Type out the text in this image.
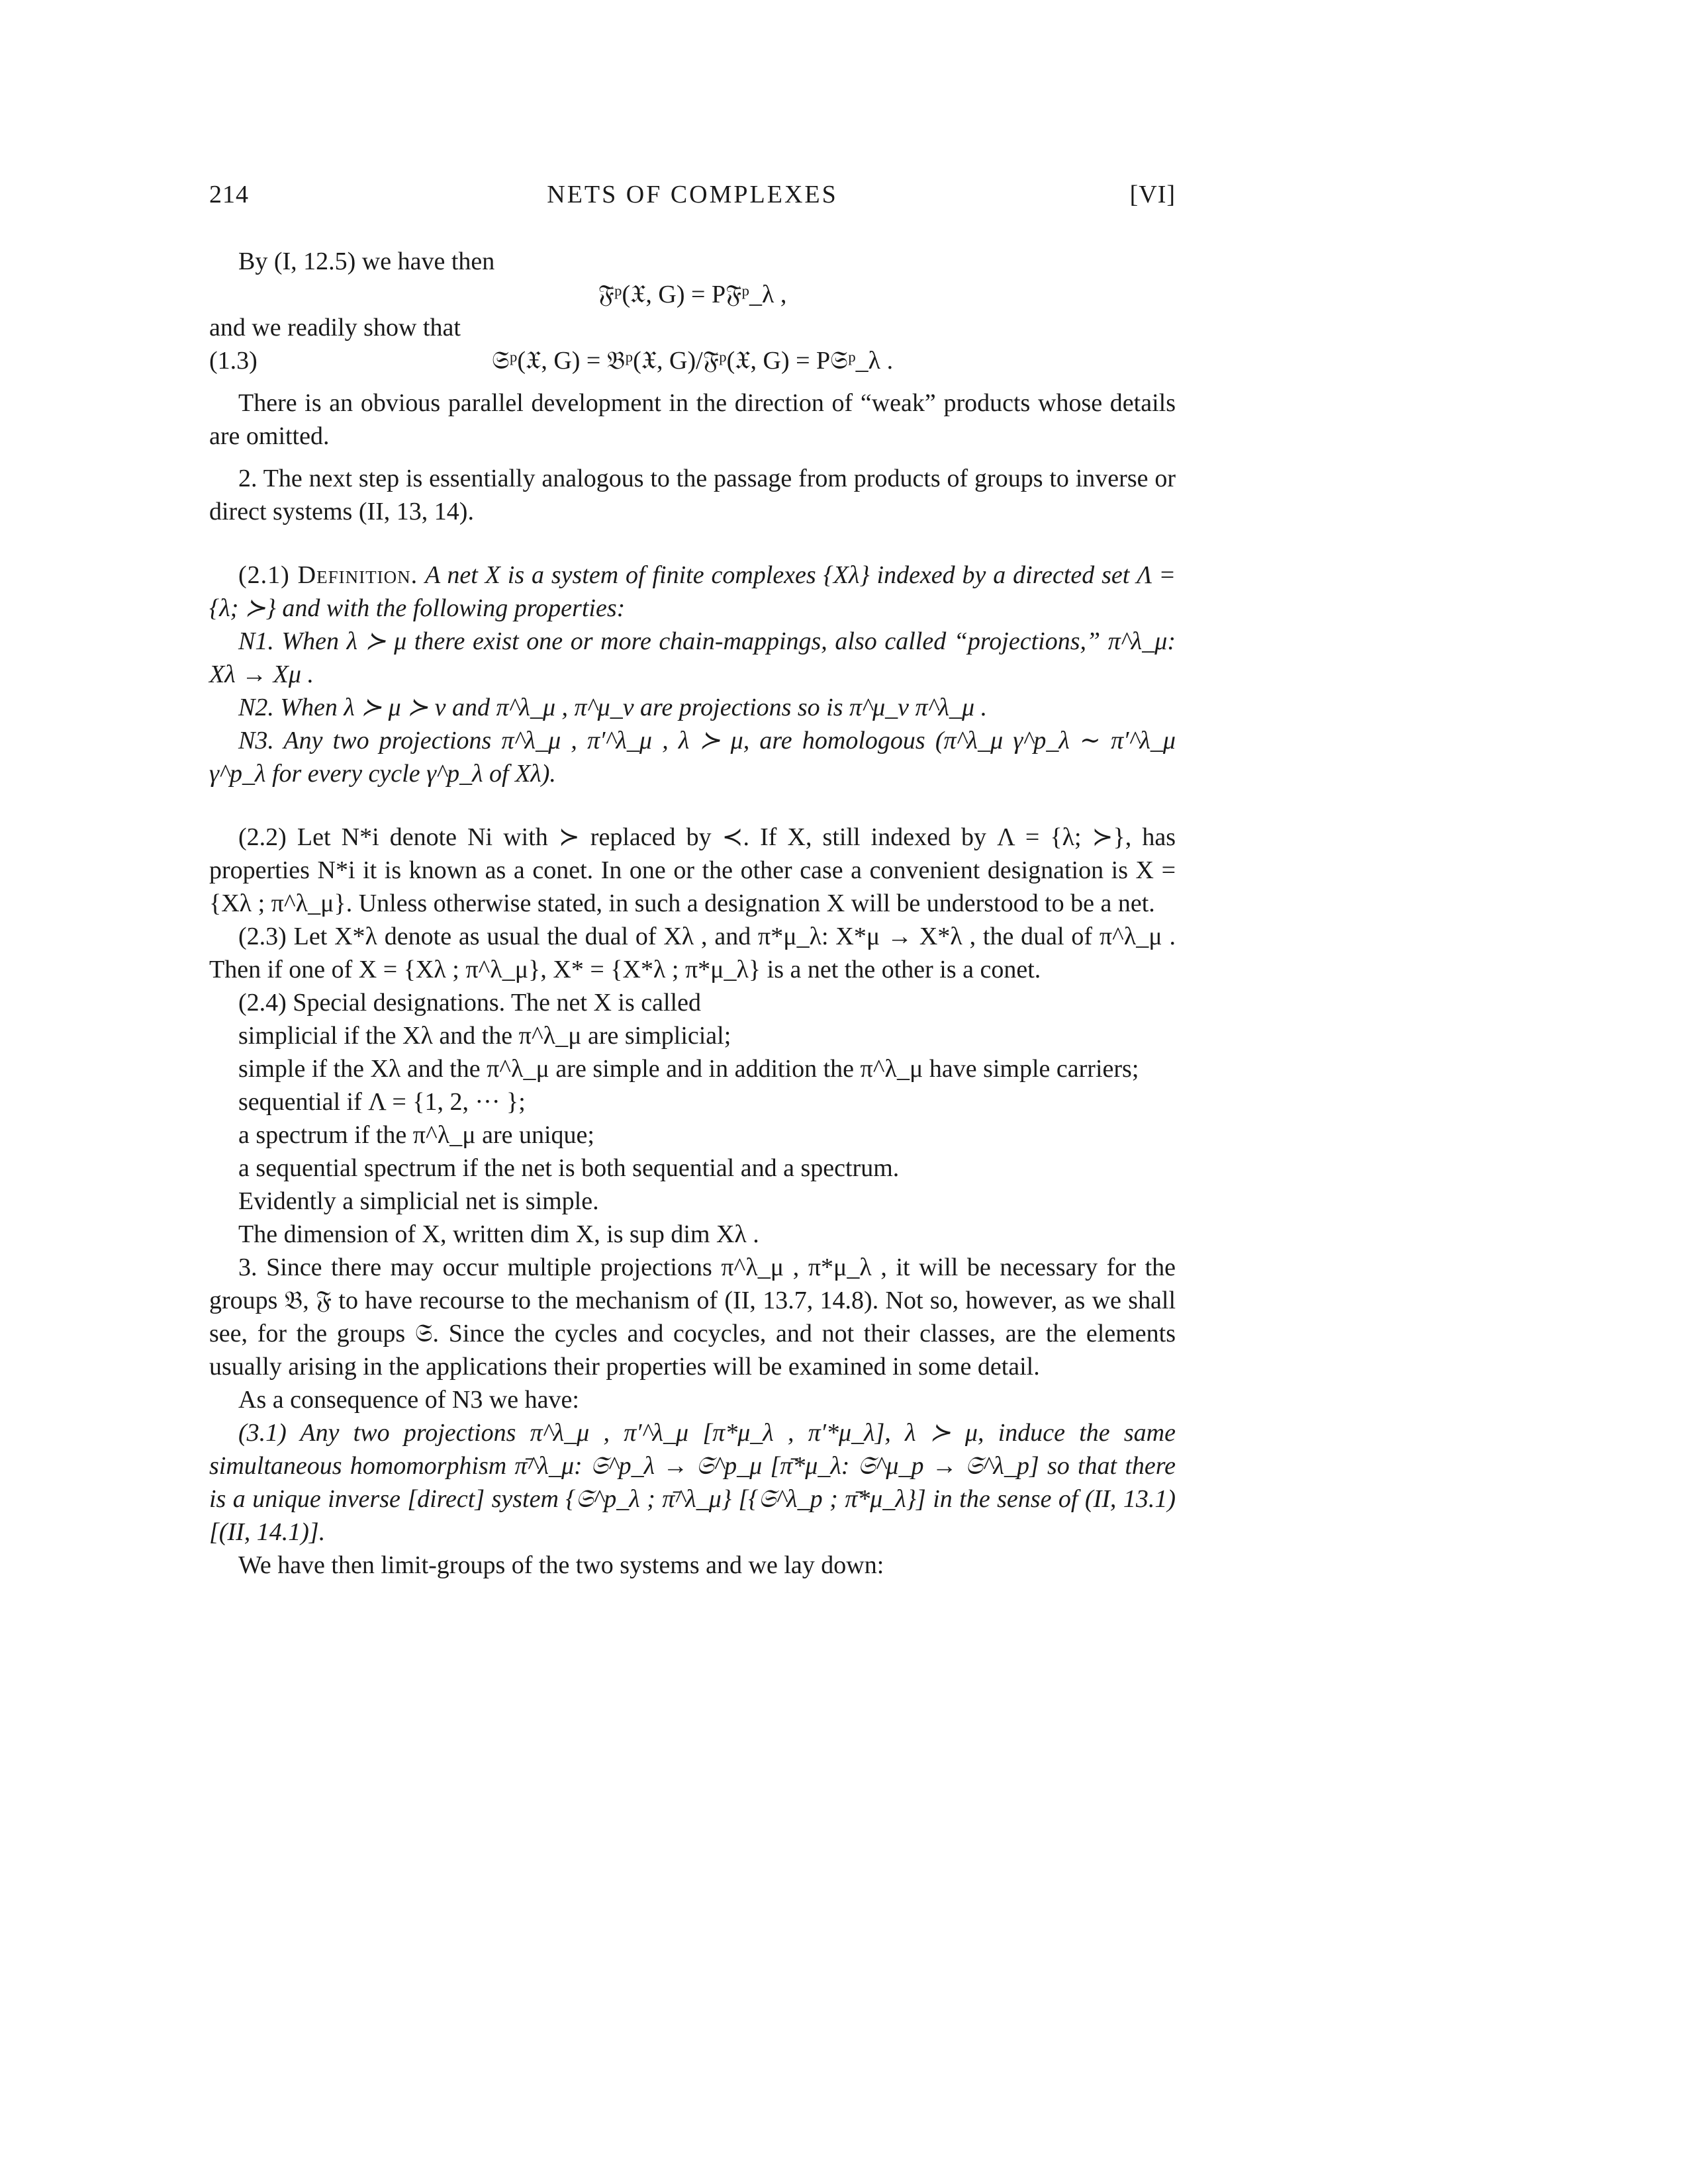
214	NETS OF COMPLEXES	[VI]

By (I, 12.5) we have then

𝔉̄ᵖ(𝔛, G) = P𝔉̄ᵖ_λ ,

and we readily show that

(1.3)	𝔖ᵖ(𝔛, G) = 𝔅ᵖ(𝔛, G)/𝔉̄ᵖ(𝔛, G) = P𝔖ᵖ_λ .

There is an obvious parallel development in the direction of “weak” products whose details are omitted.

2. The next step is essentially analogous to the passage from products of groups to inverse or direct systems (II, 13, 14).

(2.1) Definition. A net X is a system of finite complexes {Xλ} indexed by a directed set Λ = {λ; ≻} and with the following properties:

N1. When λ ≻ μ there exist one or more chain-mappings, also called “projections,” π^λ_μ: Xλ → Xμ .

N2. When λ ≻ μ ≻ ν and π^λ_μ , π^μ_ν are projections so is π^μ_ν π^λ_μ .

N3. Any two projections π^λ_μ , π′^λ_μ , λ ≻ μ, are homologous (π^λ_μ γ^p_λ ∼ π′^λ_μ γ^p_λ for every cycle γ^p_λ of Xλ).

(2.2) Let N*i denote Ni with ≻ replaced by ≺. If X, still indexed by Λ = {λ; ≻}, has properties N*i it is known as a conet. In one or the other case a convenient designation is X = {Xλ ; π^λ_μ}. Unless otherwise stated, in such a designation X will be understood to be a net.

(2.3) Let X*λ denote as usual the dual of Xλ , and π*μ_λ: X*μ → X*λ , the dual of π^λ_μ . Then if one of X = {Xλ ; π^λ_μ}, X* = {X*λ ; π*μ_λ} is a net the other is a conet.

(2.4) Special designations. The net X is called

simplicial if the Xλ and the π^λ_μ are simplicial;

simple if the Xλ and the π^λ_μ are simple and in addition the π^λ_μ have simple carriers;

sequential if Λ = {1, 2, ··· };

a spectrum if the π^λ_μ are unique;

a sequential spectrum if the net is both sequential and a spectrum.

Evidently a simplicial net is simple.

The dimension of X, written dim X, is sup dim Xλ .

3. Since there may occur multiple projections π^λ_μ , π*μ_λ , it will be necessary for the groups 𝔅, 𝔉 to have recourse to the mechanism of (II, 13.7, 14.8). Not so, however, as we shall see, for the groups 𝔖. Since the cycles and cocycles, and not their classes, are the elements usually arising in the applications their properties will be examined in some detail.

As a consequence of N3 we have:

(3.1) Any two projections π^λ_μ , π′^λ_μ [π*μ_λ , π′*μ_λ], λ ≻ μ, induce the same simultaneous homomorphism π̄^λ_μ: 𝔖^p_λ → 𝔖^p_μ [π̄*μ_λ: 𝔖^μ_p → 𝔖^λ_p] so that there is a unique inverse [direct] system {𝔖^p_λ ; π̄^λ_μ} [{𝔖^λ_p ; π̄*μ_λ}] in the sense of (II, 13.1) [(II, 14.1)].

We have then limit-groups of the two systems and we lay down:
